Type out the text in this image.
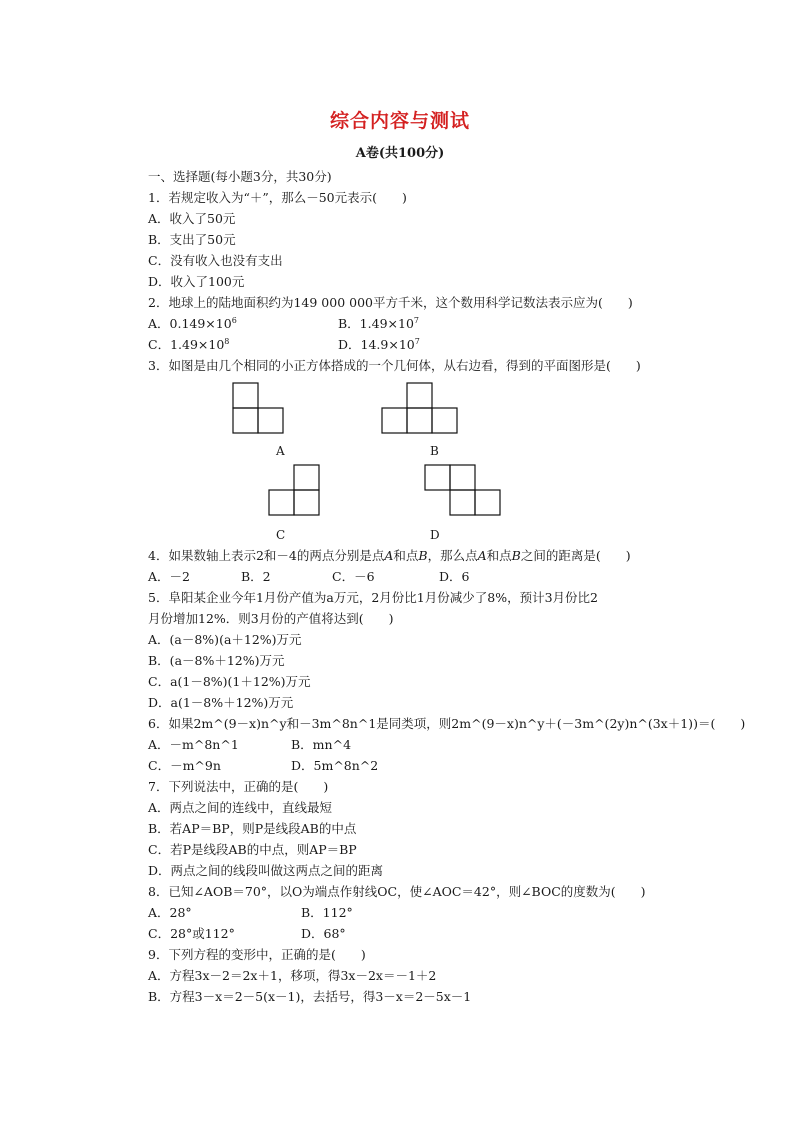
综合内容与测试
A卷(共100分)
一、选择题(每小题3分，共30分)
1．若规定收入为“＋”，那么－50元表示(　　)
A．收入了50元
B．支出了50元
C．没有收入也没有支出
D．收入了100元
2．地球上的陆地面积约为149 000 000平方千米，这个数用科学记数法表示应为(　　)
A．$0.149\times 10^6$	B．$1.49\times 10^7$
C．$1.49\times 10^8$	D．$14.9\times 10^7$
3．如图是由几个相同的小正方体搭成的一个几何体，从右边看，得到的平面图形是(　　)
A	B
C	D
4．如果数轴上表示2和－4的两点分别是点A和点B，那么点A和点B之间的距离是(　　)
A．－2	B．2	C．－6	D．6
5．阜阳某企业今年1月份产值为a万元，2月份比1月份减少了8%，预计3月份比2
月份增加12%．则3月份的产值将达到(　　)
A．(a－8%)(a＋12%)万元
B．(a－8%＋12%)万元
C．a(1－8%)(1＋12%)万元
D．a(1－8%＋12%)万元
6．如果2m^(9－x)n^y和－3m^8n^1是同类项，则2m^(9－x)n^y＋(－3m^(2y)n^(3x＋1))＝(　　)
A．－m^8n^1	B．mn^4
C．－m^9n	D．5m^8n^2
7．下列说法中，正确的是(　　)
A．两点之间的连线中，直线最短
B．若AP＝BP，则P是线段AB的中点
C．若P是线段AB的中点，则AP＝BP
D．两点之间的线段叫做这两点之间的距离
8．已知∠AOB＝70°，以O为端点作射线OC，使∠AOC＝42°，则∠BOC的度数为(　　)
A．28°	B．112°
C．28°或112°	D．68°
9．下列方程的变形中，正确的是(　　)
A．方程3x－2＝2x＋1，移项，得3x－2x＝－1＋2
B．方程3－x＝2－5(x－1)，去括号，得3－x＝2－5x－1
